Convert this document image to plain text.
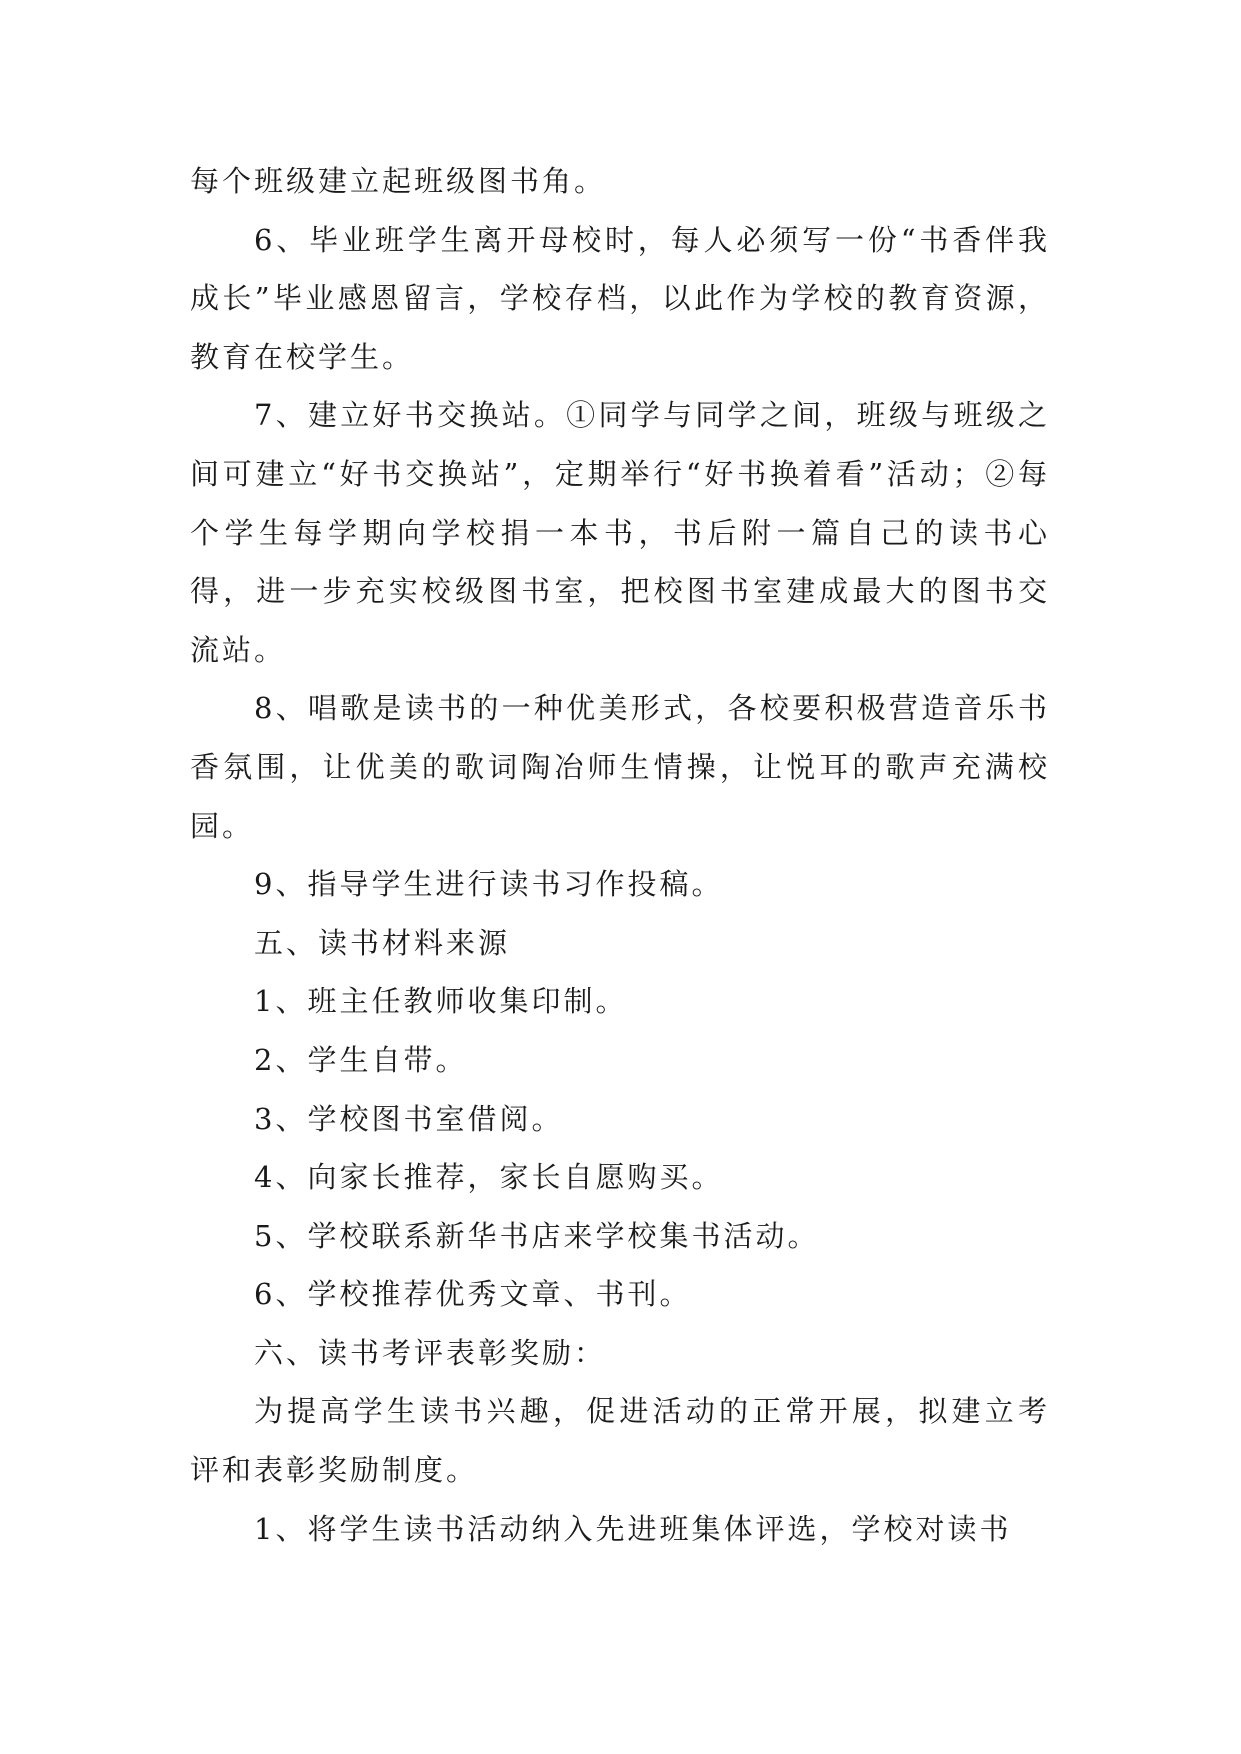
每个班级建立起班级图书角。

6、毕业班学生离开母校时，每人必须写一份“书香伴我成长”毕业感恩留言，学校存档，以此作为学校的教育资源，教育在校学生。

7、建立好书交换站。①同学与同学之间，班级与班级之间可建立“好书交换站”，定期举行“好书换着看”活动；②每个学生每学期向学校捐一本书，书后附一篇自己的读书心得，进一步充实校级图书室，把校图书室建成最大的图书交流站。

8、唱歌是读书的一种优美形式，各校要积极营造音乐书香氛围，让优美的歌词陶冶师生情操，让悦耳的歌声充满校园。

9、指导学生进行读书习作投稿。

五、读书材料来源

1、班主任教师收集印制。

2、学生自带。

3、学校图书室借阅。

4、向家长推荐，家长自愿购买。

5、学校联系新华书店来学校集书活动。

6、学校推荐优秀文章、书刊。

六、读书考评表彰奖励：

为提高学生读书兴趣，促进活动的正常开展，拟建立考评和表彰奖励制度。

1、将学生读书活动纳入先进班集体评选，学校对读书
